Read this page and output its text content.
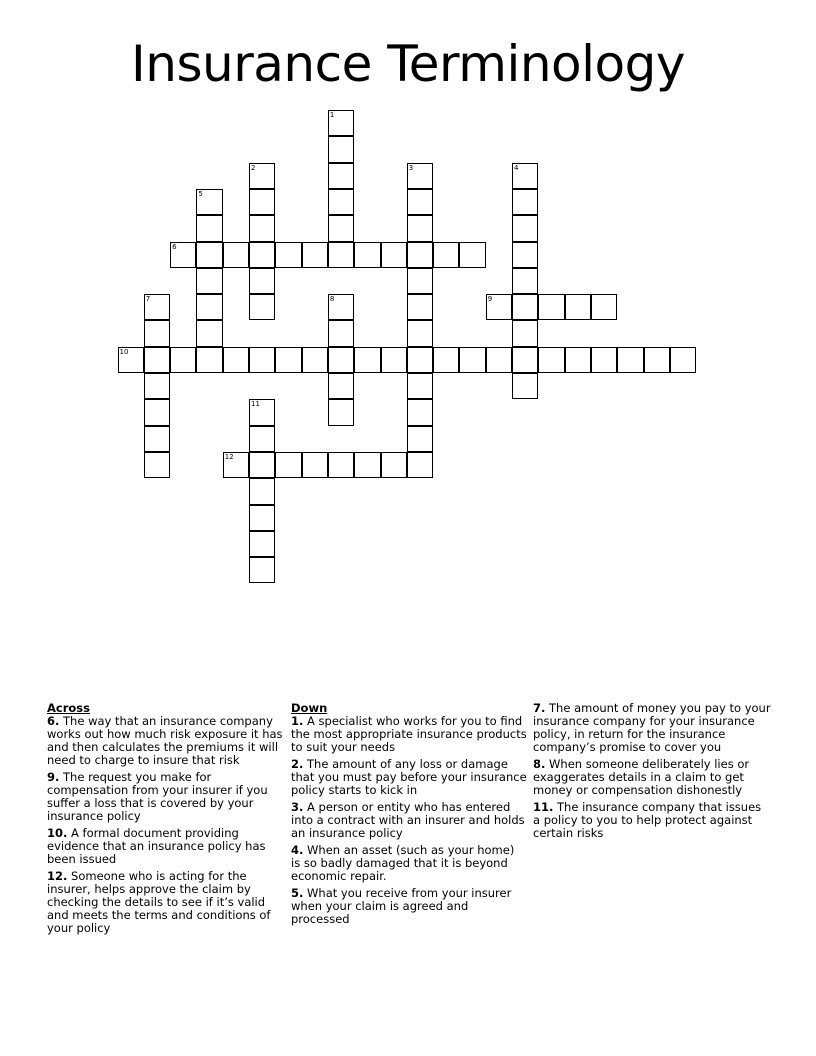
Insurance Terminology
1
2	3	4
5
6
7	8	9
10
11
12
Across
6. The way that an insurance company works out how much risk exposure it has and then calculates the premiums it will need to charge to insure that risk
9. The request you make for compensation from your insurer if you suffer a loss that is covered by your insurance policy
10. A formal document providing evidence that an insurance policy has been issued
12. Someone who is acting for the insurer, helps approve the claim by checking the details to see if it’s valid and meets the terms and conditions of your policy
Down
1. A specialist who works for you to find the most appropriate insurance products to suit your needs
2. The amount of any loss or damage that you must pay before your insurance policy starts to kick in
3. A person or entity who has entered into a contract with an insurer and holds an insurance policy
4. When an asset (such as your home) is so badly damaged that it is beyond economic repair.
5. What you receive from your insurer when your claim is agreed and processed
7. The amount of money you pay to your insurance company for your insurance policy, in return for the insurance company’s promise to cover you
8. When someone deliberately lies or exaggerates details in a claim to get money or compensation dishonestly
11. The insurance company that issues a policy to you to help protect against certain risks
